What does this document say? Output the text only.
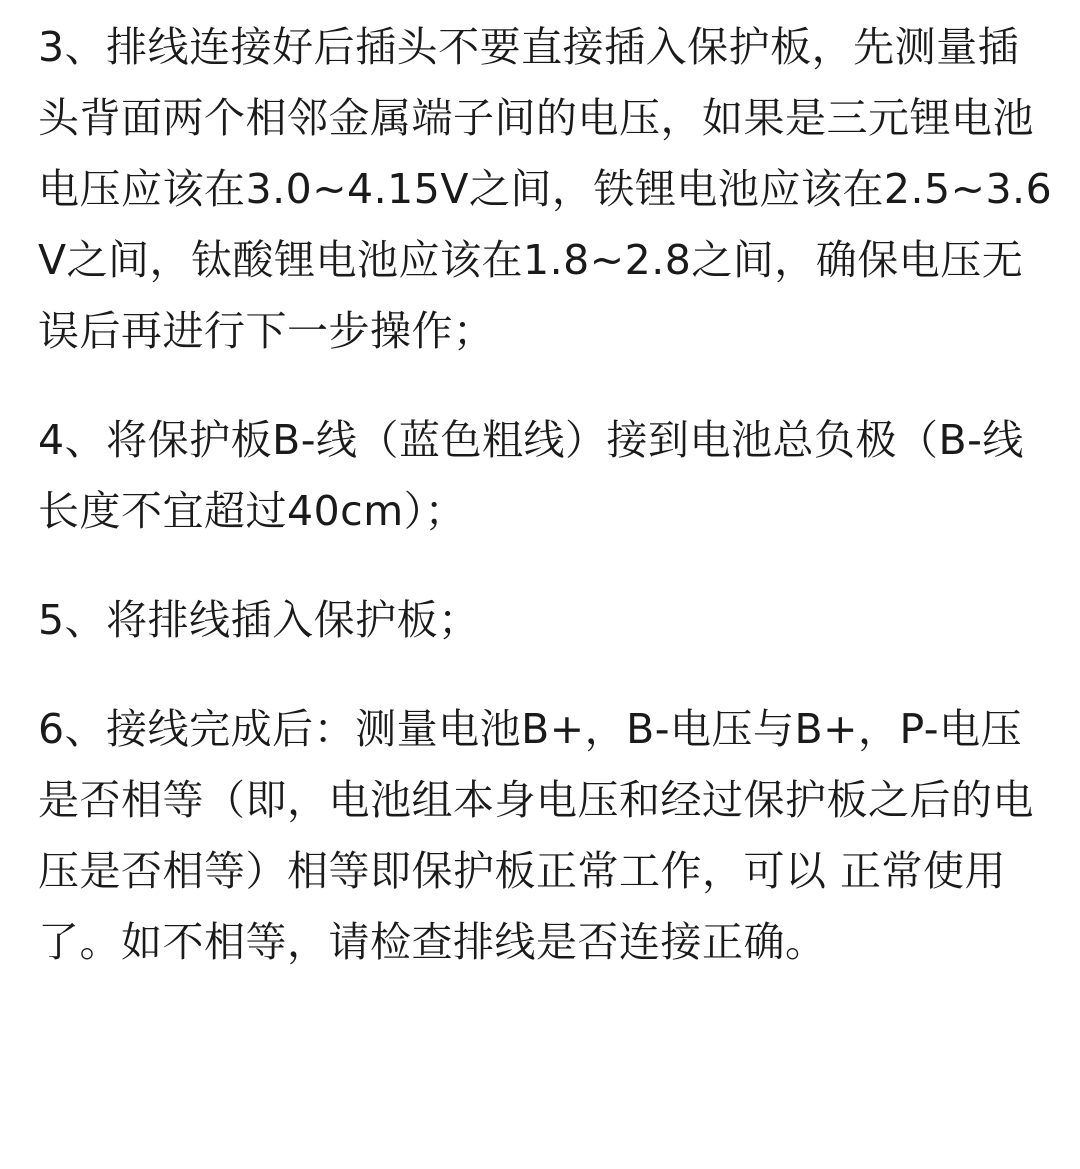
3、排线连接好后插头不要直接插入保护板，先测量插头背面两个相邻金属端子间的电压，如果是三元锂电池电压应该在3.0~4.15V之间，铁锂电池应该在2.5~3.6V之间，钛酸锂电池应该在1.8~2.8之间，确保电压无误后再进行下一步操作；

4、将保护板B-线（蓝色粗线）接到电池总负极（B-线长度不宜超过40cm）；

5、将排线插入保护板；

6、接线完成后：测量电池B+，B-电压与B+，P-电压是否相等（即，电池组本身电压和经过保护板之后的电压是否相等）相等即保护板正常工作，可以 正常使用了。如不相等，请检查排线是否连接正确。
